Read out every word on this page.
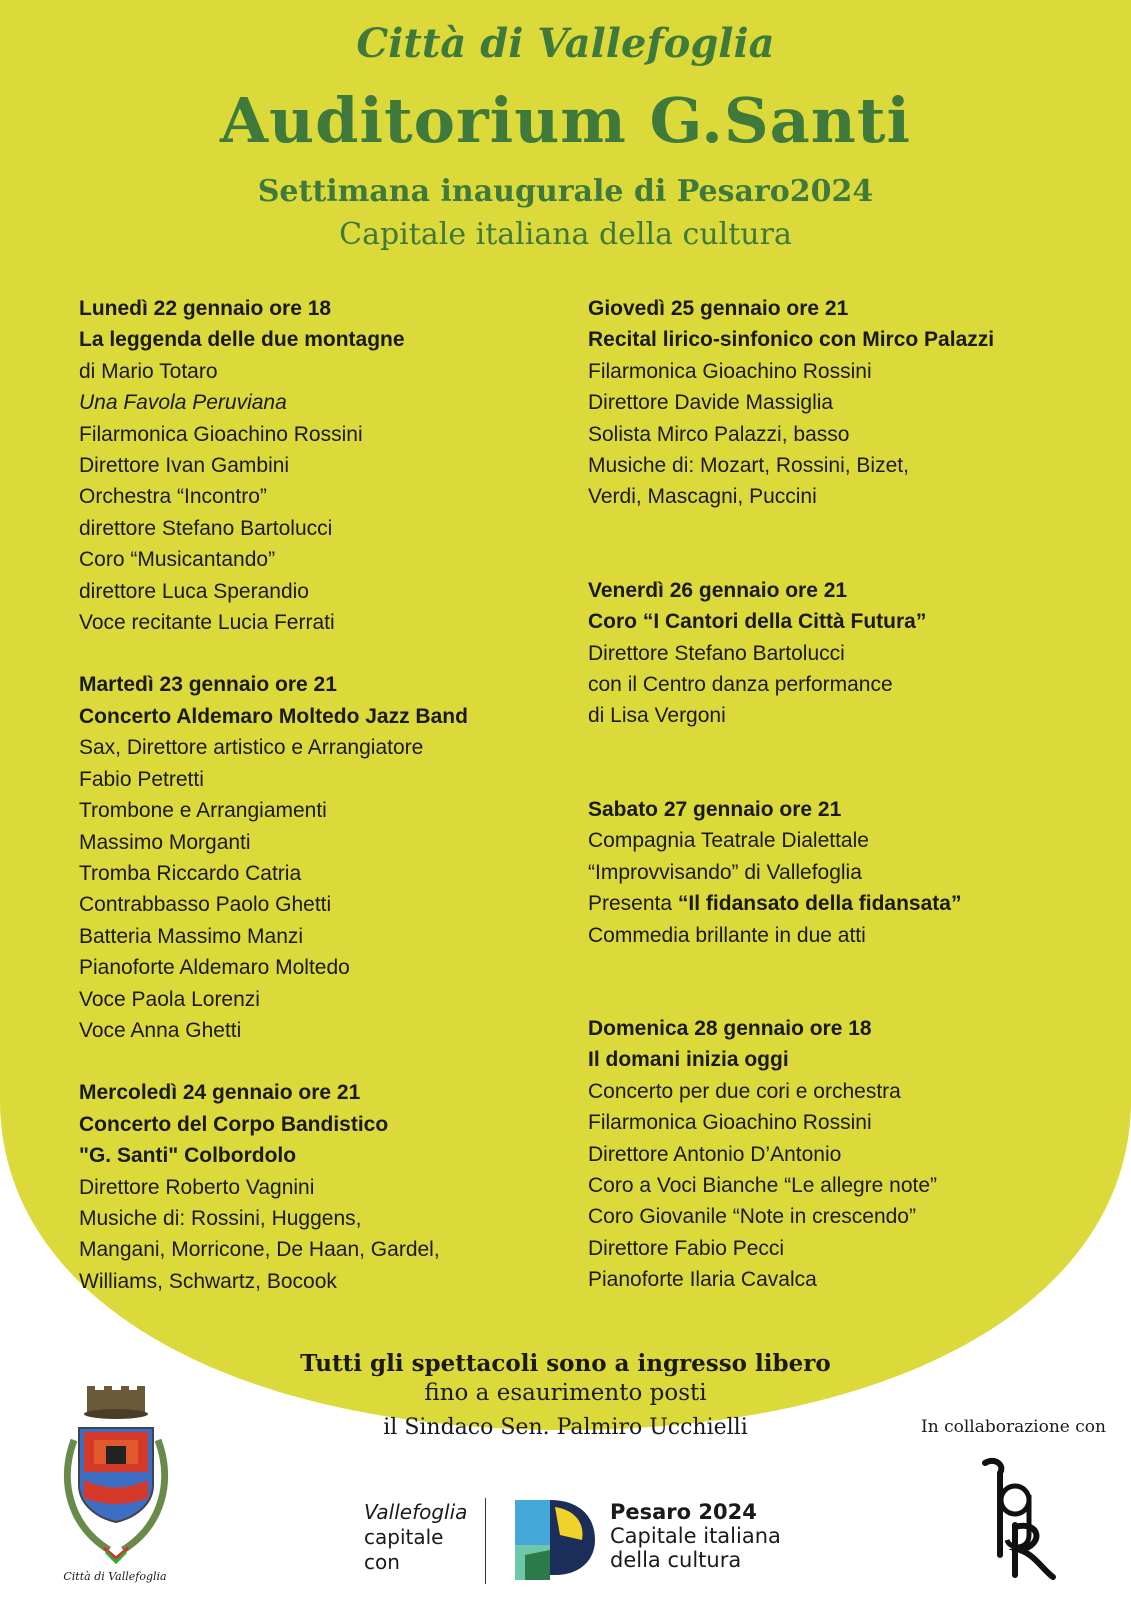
Città di Vallefoglia
Auditorium G.Santi
Settimana inaugurale di Pesaro2024
Capitale italiana della cultura
Lunedì 22 gennaio ore 18
La leggenda delle due montagne
di Mario Totaro
Una Favola Peruviana
Filarmonica Gioachino Rossini
Direttore Ivan Gambini
Orchestra “Incontro”
direttore Stefano Bartolucci
Coro “Musicantando”
direttore Luca Sperandio
Voce recitante Lucia Ferrati
Martedì 23 gennaio ore 21
Concerto Aldemaro Moltedo Jazz Band
Sax, Direttore artistico e Arrangiatore
Fabio Petretti
Trombone e Arrangiamenti
Massimo Morganti
Tromba Riccardo Catria
Contrabbasso Paolo Ghetti
Batteria Massimo Manzi
Pianoforte Aldemaro Moltedo
Voce Paola Lorenzi
Voce Anna Ghetti
Mercoledì 24 gennaio ore 21
Concerto del Corpo Bandistico
"G. Santi" Colbordolo
Direttore Roberto Vagnini
Musiche di: Rossini, Huggens,
Mangani, Morricone, De Haan, Gardel,
Williams, Schwartz, Bocook
Giovedì 25 gennaio ore 21
Recital lirico-sinfonico con Mirco Palazzi
Filarmonica Gioachino Rossini
Direttore Davide Massiglia
Solista Mirco Palazzi, basso
Musiche di: Mozart, Rossini, Bizet,
Verdi, Mascagni, Puccini
Venerdì 26 gennaio ore 21
Coro “I Cantori della Città Futura”
Direttore Stefano Bartolucci
con il Centro danza performance
di Lisa Vergoni
Sabato 27 gennaio ore 21
Compagnia Teatrale Dialettale
“Improvvisando” di Vallefoglia
Presenta “Il fidansato della fidansata”
Commedia brillante in due atti
Domenica 28 gennaio ore 18
Il domani inizia oggi
Concerto per due cori e orchestra
Filarmonica Gioachino Rossini
Direttore Antonio D’Antonio
Coro a Voci Bianche “Le allegre note”
Coro Giovanile “Note in crescendo”
Direttore Fabio Pecci
Pianoforte Ilaria Cavalca
Tutti gli spettacoli sono a ingresso libero
fino a esaurimento posti
il Sindaco Sen. Palmiro Ucchielli	In collaborazione con
Città di Vallefoglia
Vallefoglia
capitale
con
Pesaro 2024
Capitale italiana
della cultura
